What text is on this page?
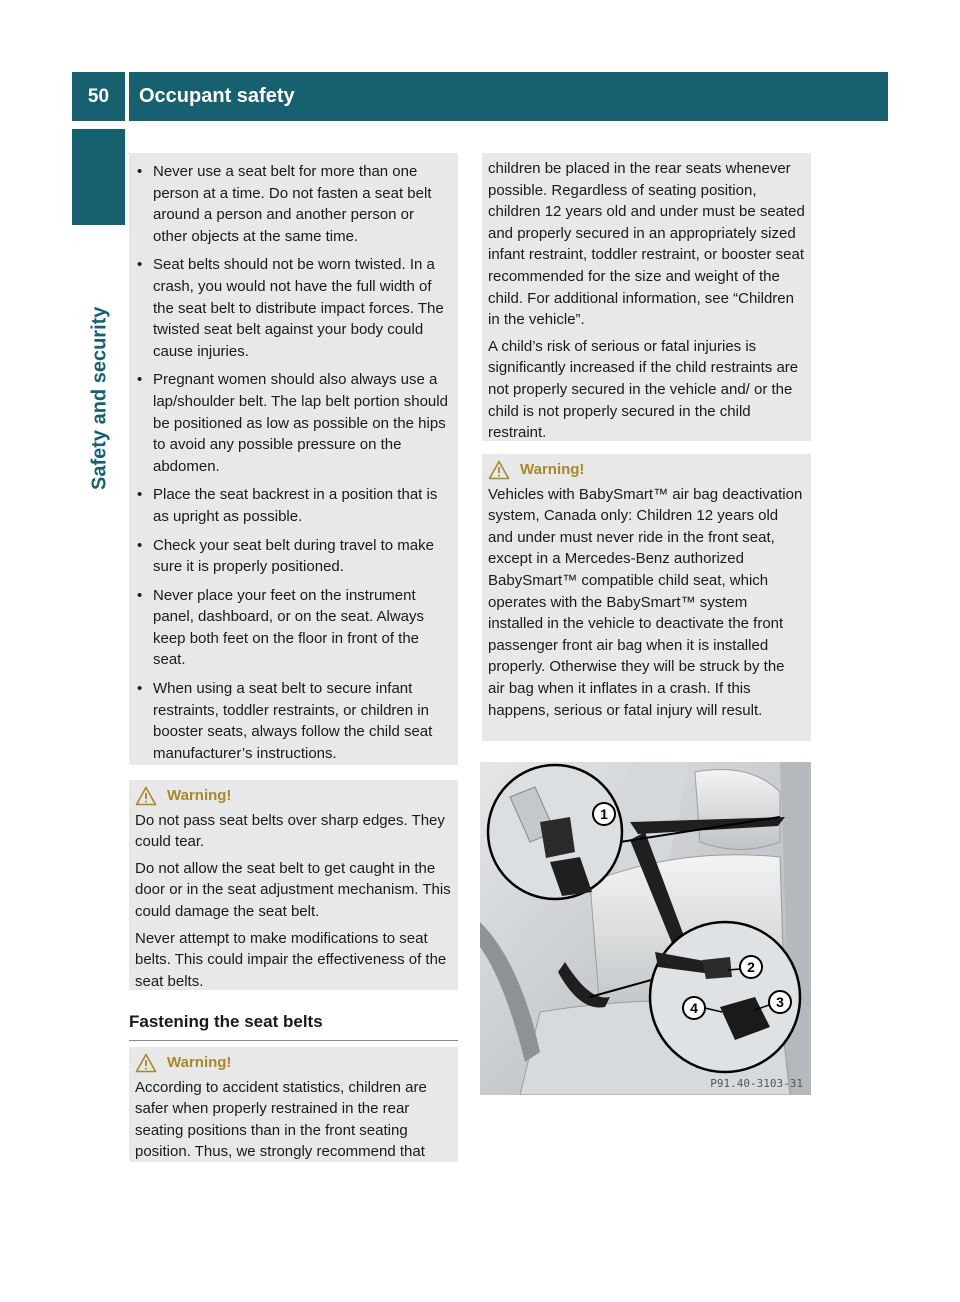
50	Occupant safety
Safety and security
• Never use a seat belt for more than one person at a time. Do not fasten a seat belt around a person and another person or other objects at the same time.
• Seat belts should not be worn twisted. In a crash, you would not have the full width of the seat belt to distribute impact forces. The twisted seat belt against your body could cause injuries.
• Pregnant women should also always use a lap/shoulder belt. The lap belt portion should be positioned as low as possible on the hips to avoid any possible pressure on the abdomen.
• Place the seat backrest in a position that is as upright as possible.
• Check your seat belt during travel to make sure it is properly positioned.
• Never place your feet on the instrument panel, dashboard, or on the seat. Always keep both feet on the floor in front of the seat.
• When using a seat belt to secure infant restraints, toddler restraints, or children in booster seats, always follow the child seat manufacturer’s instructions.
Warning!

Do not pass seat belts over sharp edges. They could tear.

Do not allow the seat belt to get caught in the door or in the seat adjustment mechanism. This could damage the seat belt.

Never attempt to make modifications to seat belts. This could impair the effectiveness of the seat belts.

Fastening the seat belts
Warning!

According to accident statistics, children are safer when properly restrained in the rear seating positions than in the front seating position. Thus, we strongly recommend that

children be placed in the rear seats whenever possible. Regardless of seating position, children 12 years old and under must be seated and properly secured in an appropriately sized infant restraint, toddler restraint, or booster seat recommended for the size and weight of the child. For additional information, see “Children in the vehicle”.

A child’s risk of serious or fatal injuries is significantly increased if the child restraints are not properly secured in the vehicle and/ or the child is not properly secured in the child restraint.

Warning!

Vehicles with BabySmart™ air bag deactivation system, Canada only: Children 12 years old and under must never ride in the front seat, except in a Mercedes-Benz authorized BabySmart™ compatible child seat, which operates with the BabySmart™ system installed in the vehicle to deactivate the front passenger front air bag when it is installed properly. Otherwise they will be struck by the air bag when it inflates in a crash. If this happens, serious or fatal injury will result.

1
2
3
4
P91.40-3103-31
